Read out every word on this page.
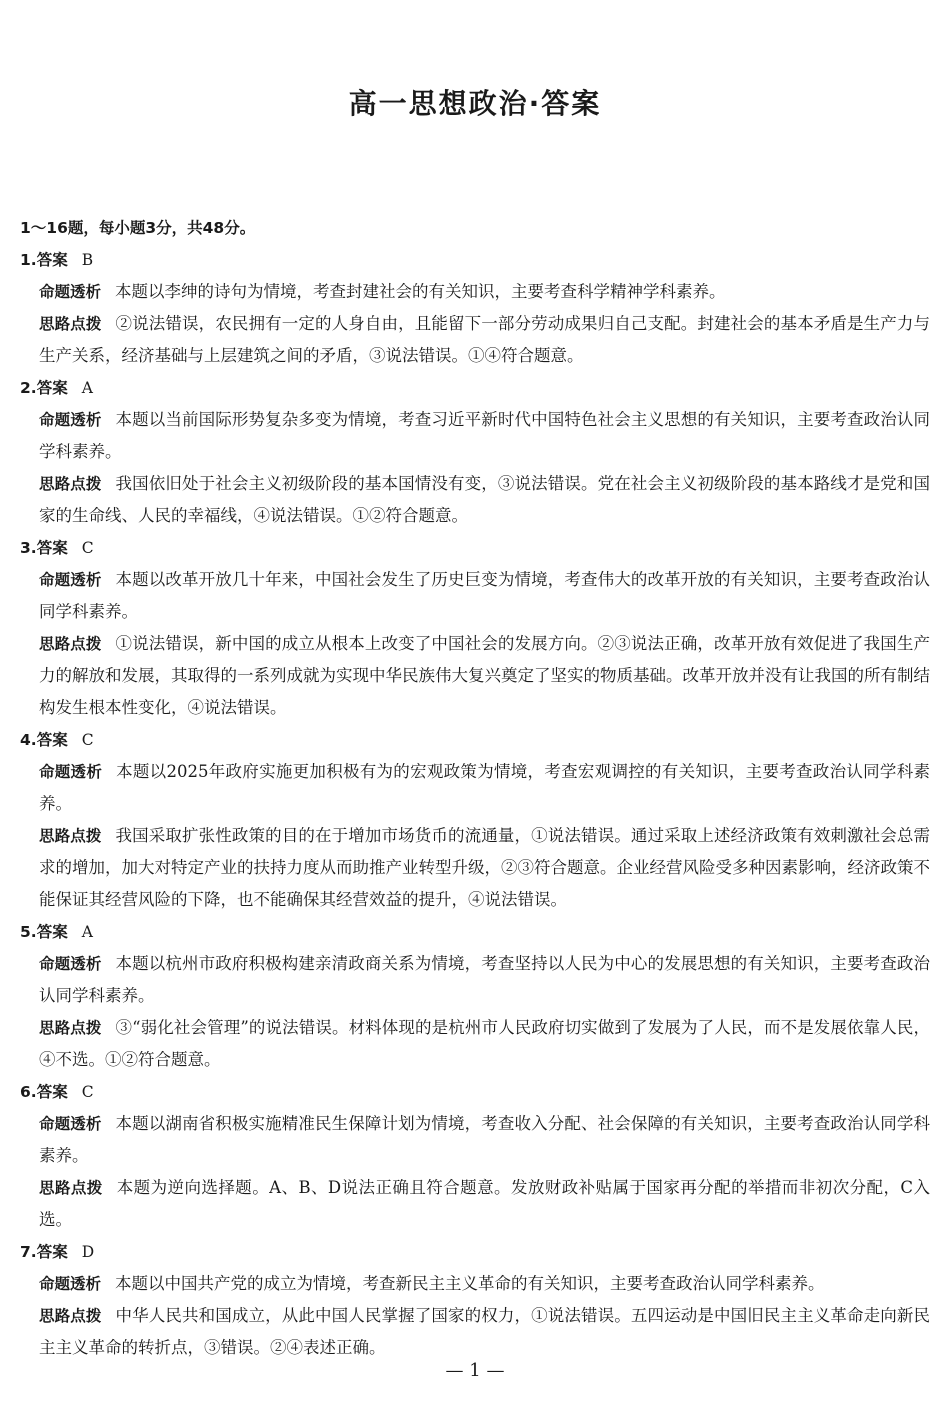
高一思想政治·答案
1～16题，每小题3分，共48分。
1.答案 B
命题透析 本题以李绅的诗句为情境，考查封建社会的有关知识，主要考查科学精神学科素养。
思路点拨 ②说法错误，农民拥有一定的人身自由，且能留下一部分劳动成果归自己支配。封建社会的基本矛盾是生产力与生产关系，经济基础与上层建筑之间的矛盾，③说法错误。①④符合题意。
2.答案 A
命题透析 本题以当前国际形势复杂多变为情境，考查习近平新时代中国特色社会主义思想的有关知识，主要考查政治认同学科素养。
思路点拨 我国依旧处于社会主义初级阶段的基本国情没有变，③说法错误。党在社会主义初级阶段的基本路线才是党和国家的生命线、人民的幸福线，④说法错误。①②符合题意。
3.答案 C
命题透析 本题以改革开放几十年来，中国社会发生了历史巨变为情境，考查伟大的改革开放的有关知识，主要考查政治认同学科素养。
思路点拨 ①说法错误，新中国的成立从根本上改变了中国社会的发展方向。②③说法正确，改革开放有效促进了我国生产力的解放和发展，其取得的一系列成就为实现中华民族伟大复兴奠定了坚实的物质基础。改革开放并没有让我国的所有制结构发生根本性变化，④说法错误。
4.答案 C
命题透析 本题以2025年政府实施更加积极有为的宏观政策为情境，考查宏观调控的有关知识，主要考查政治认同学科素养。
思路点拨 我国采取扩张性政策的目的在于增加市场货币的流通量，①说法错误。通过采取上述经济政策有效刺激社会总需求的增加，加大对特定产业的扶持力度从而助推产业转型升级，②③符合题意。企业经营风险受多种因素影响，经济政策不能保证其经营风险的下降，也不能确保其经营效益的提升，④说法错误。
5.答案 A
命题透析 本题以杭州市政府积极构建亲清政商关系为情境，考查坚持以人民为中心的发展思想的有关知识，主要考查政治认同学科素养。
思路点拨 ③“弱化社会管理”的说法错误。材料体现的是杭州市人民政府切实做到了发展为了人民，而不是发展依靠人民，④不选。①②符合题意。
6.答案 C
命题透析 本题以湖南省积极实施精准民生保障计划为情境，考查收入分配、社会保障的有关知识，主要考查政治认同学科素养。
思路点拨 本题为逆向选择题。A、B、D说法正确且符合题意。发放财政补贴属于国家再分配的举措而非初次分配，C入选。
7.答案 D
命题透析 本题以中国共产党的成立为情境，考查新民主主义革命的有关知识，主要考查政治认同学科素养。
思路点拨 中华人民共和国成立，从此中国人民掌握了国家的权力，①说法错误。五四运动是中国旧民主主义革命走向新民主主义革命的转折点，③错误。②④表述正确。
— 1 —
